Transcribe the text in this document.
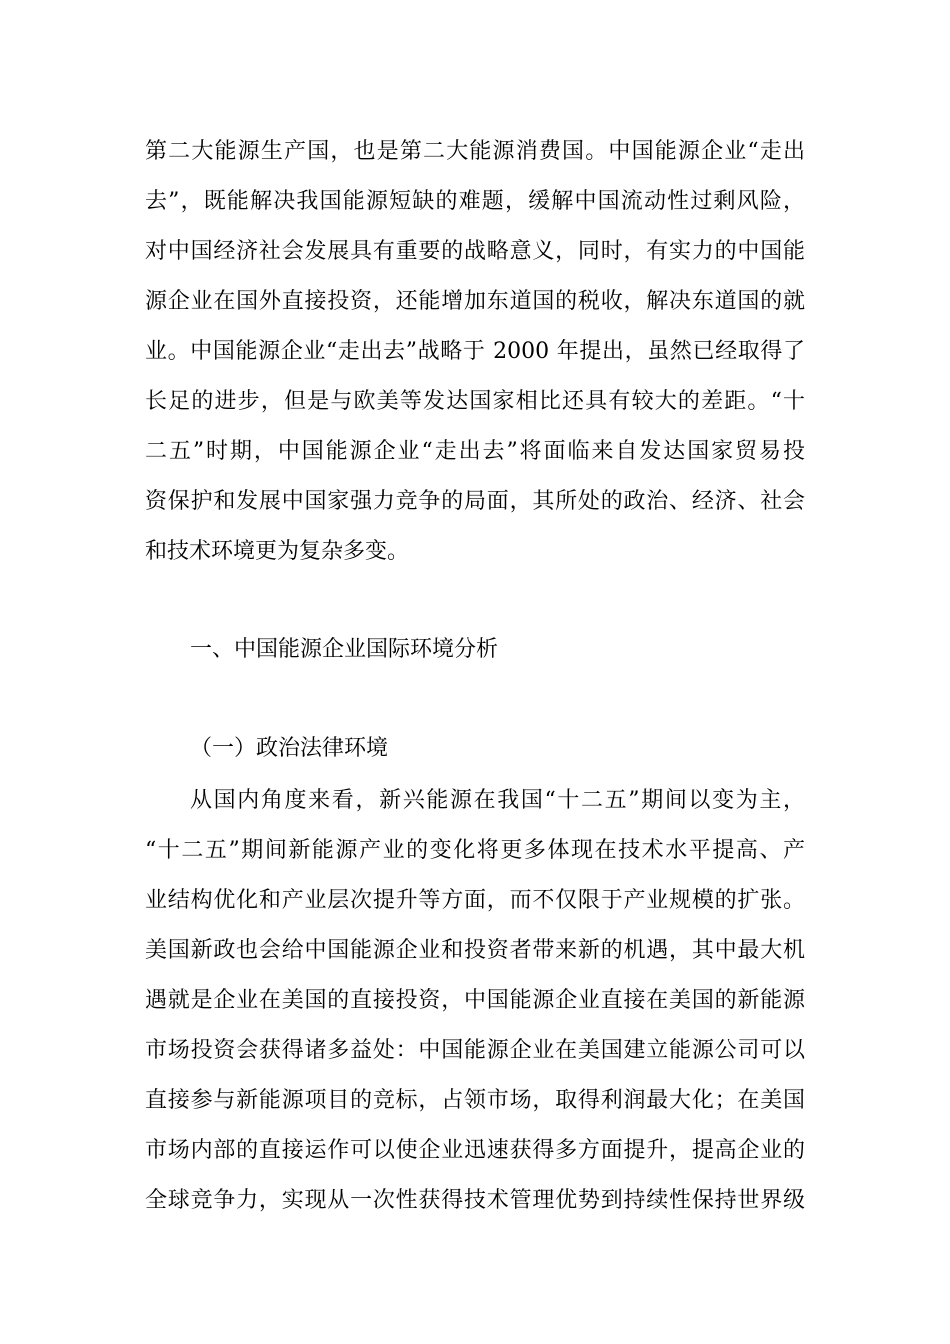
第二大能源生产国，也是第二大能源消费国。中国能源企业“走出
去”，既能解决我国能源短缺的难题，缓解中国流动性过剩风险，
对中国经济社会发展具有重要的战略意义，同时，有实力的中国能
源企业在国外直接投资，还能增加东道国的税收，解决东道国的就
业。中国能源企业“走出去”战略于 2000 年提出，虽然已经取得了
长足的进步，但是与欧美等发达国家相比还具有较大的差距。“十
二五”时期，中国能源企业“走出去”将面临来自发达国家贸易投
资保护和发展中国家强力竞争的局面，其所处的政治、经济、社会
和技术环境更为复杂多变。
一、中国能源企业国际环境分析
（一）政治法律环境
从国内角度来看，新兴能源在我国“十二五”期间以变为主，
“十二五”期间新能源产业的变化将更多体现在技术水平提高、产
业结构优化和产业层次提升等方面，而不仅限于产业规模的扩张。
美国新政也会给中国能源企业和投资者带来新的机遇，其中最大机
遇就是企业在美国的直接投资，中国能源企业直接在美国的新能源
市场投资会获得诸多益处：中国能源企业在美国建立能源公司可以
直接参与新能源项目的竞标，占领市场，取得利润最大化；在美国
市场内部的直接运作可以使企业迅速获得多方面提升，提高企业的
全球竞争力，实现从一次性获得技术管理优势到持续性保持世界级
